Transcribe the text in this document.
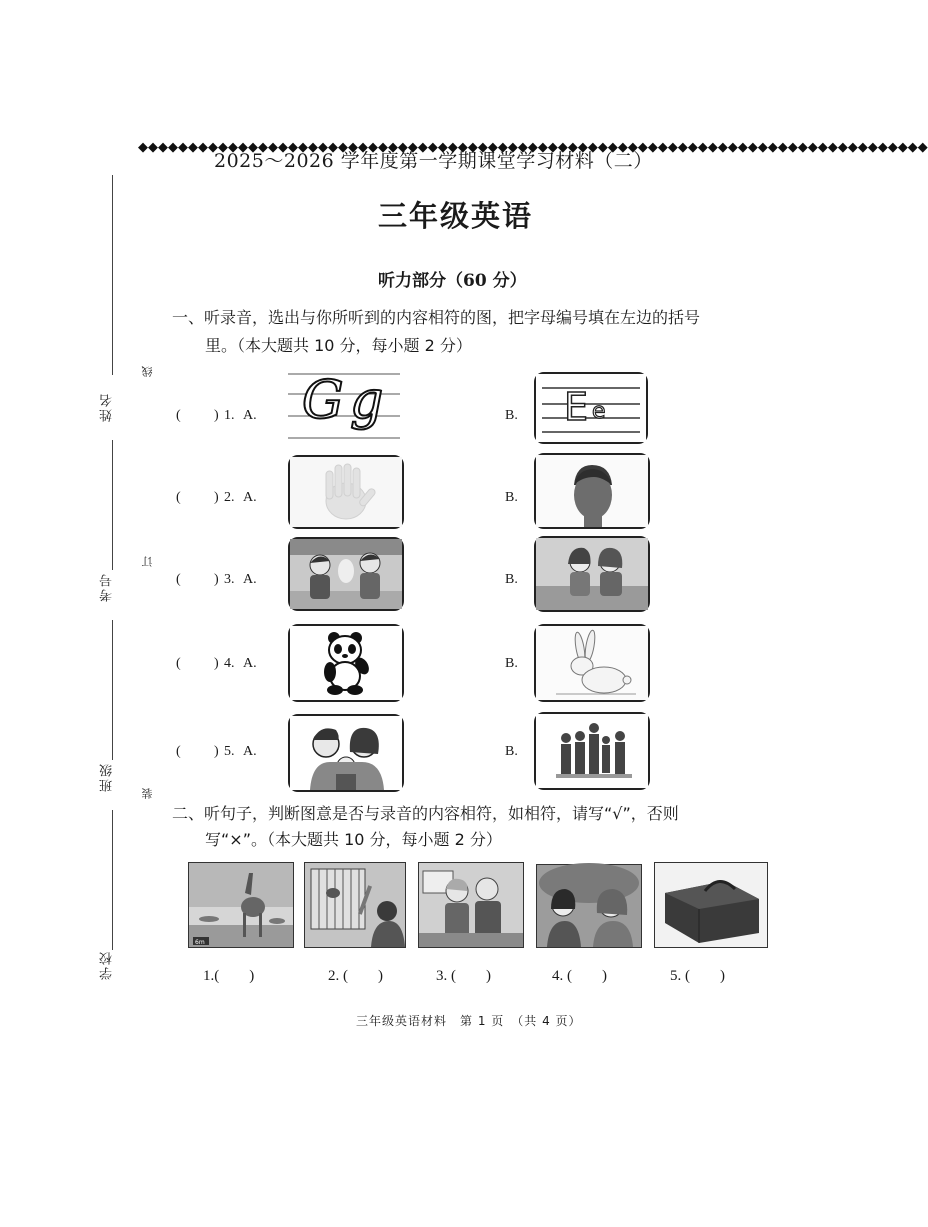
◆◆◆◆◆◆◆◆◆◆◆◆◆◆◆◆◆◆◆◆◆◆◆◆◆◆◆◆◆◆◆◆◆◆◆◆◆◆◆◆◆◆◆◆◆◆◆◆◆◆◆◆◆◆◆◆◆◆◆◆◆◆◆◆◆◆◆◆◆◆◆◆◆◆◆◆◆◆◆
姓名
考号
班级
学校
线
订
装
2025～2026 学年度第一学期课堂学习材料（二）
三年级英语
听力部分（60 分）
一、听录音，选出与你所听到的内容相符的图，把字母编号填在左边的括号
里。（本大题共 10 分，每小题 2 分）
( ) 1. A.	B.
( ) 2. A.	B.
( ) 3. A.	B.
( ) 4. A.	B.
( ) 5. A.	B.
G g	E e
二、听句子，判断图意是否与录音的内容相符，如相符，请写“√”，否则
写“×”。（本大题共 10 分，每小题 2 分）
6m
1.(　　)	2. (　　)	3. (　　)	4. (　　)	5. (　　)
三年级英语材料　第 1 页　（共 4 页）
